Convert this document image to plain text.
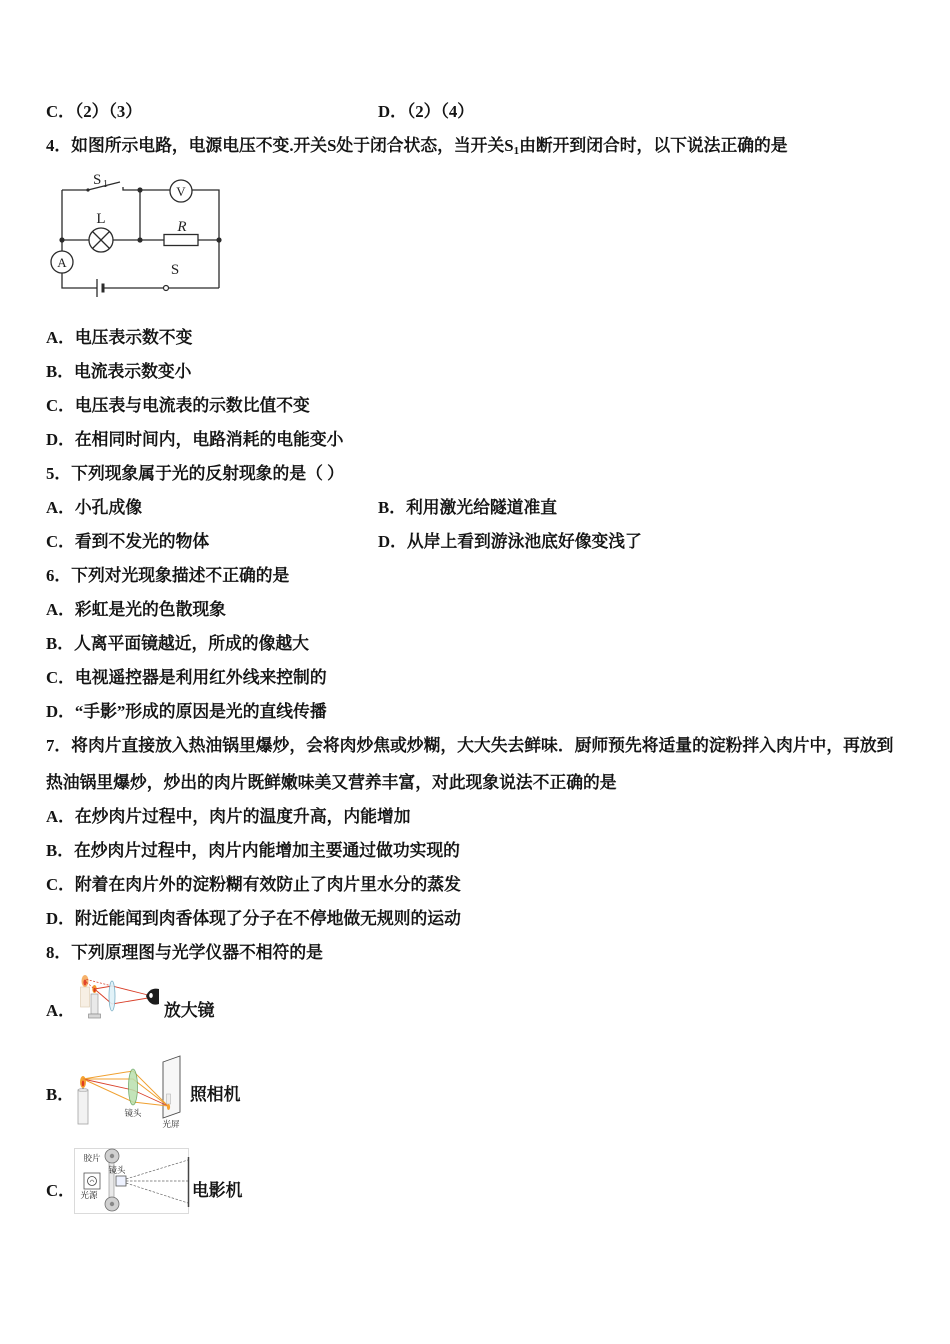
C．（2）（3）	D．（2）（4）
4．如图所示电路，电源电压不变.开关S处于闭合状态，当开关$S_1$由断开到闭合时，以下说法正确的是
S 1	V
L	R
A	S
A．电压表示数不变
B．电流表示数变小
C．电压表与电流表的示数比值不变
D．在相同时间内，电路消耗的电能变小
5．下列现象属于光的反射现象的是（ ）
A．小孔成像	B．利用激光给隧道准直
C．看到不发光的物体	D．从岸上看到游泳池底好像变浅了
6．下列对光现象描述不正确的是
A．彩虹是光的色散现象
B．人离平面镜越近，所成的像越大
C．电视遥控器是利用红外线来控制的
D．“手影”形成的原因是光的直线传播
7．将肉片直接放入热油锅里爆炒，会将肉炒焦或炒糊，大大失去鲜味．厨师预先将适量的淀粉拌入肉片中，再放到
热油锅里爆炒，炒出的肉片既鲜嫩味美又营养丰富，对此现象说法不正确的是
A．在炒肉片过程中，肉片的温度升高，内能增加
B．在炒肉片过程中，肉片内能增加主要通过做功实现的
C．附着在肉片外的淀粉糊有效防止了肉片里水分的蒸发
D．附近能闻到肉香体现了分子在不停地做无规则的运动
8．下列原理图与光学仪器不相符的是
A．	放大镜
B．
镜头
光屏
照相机
C．
胶片
镜头
光源	电影机
